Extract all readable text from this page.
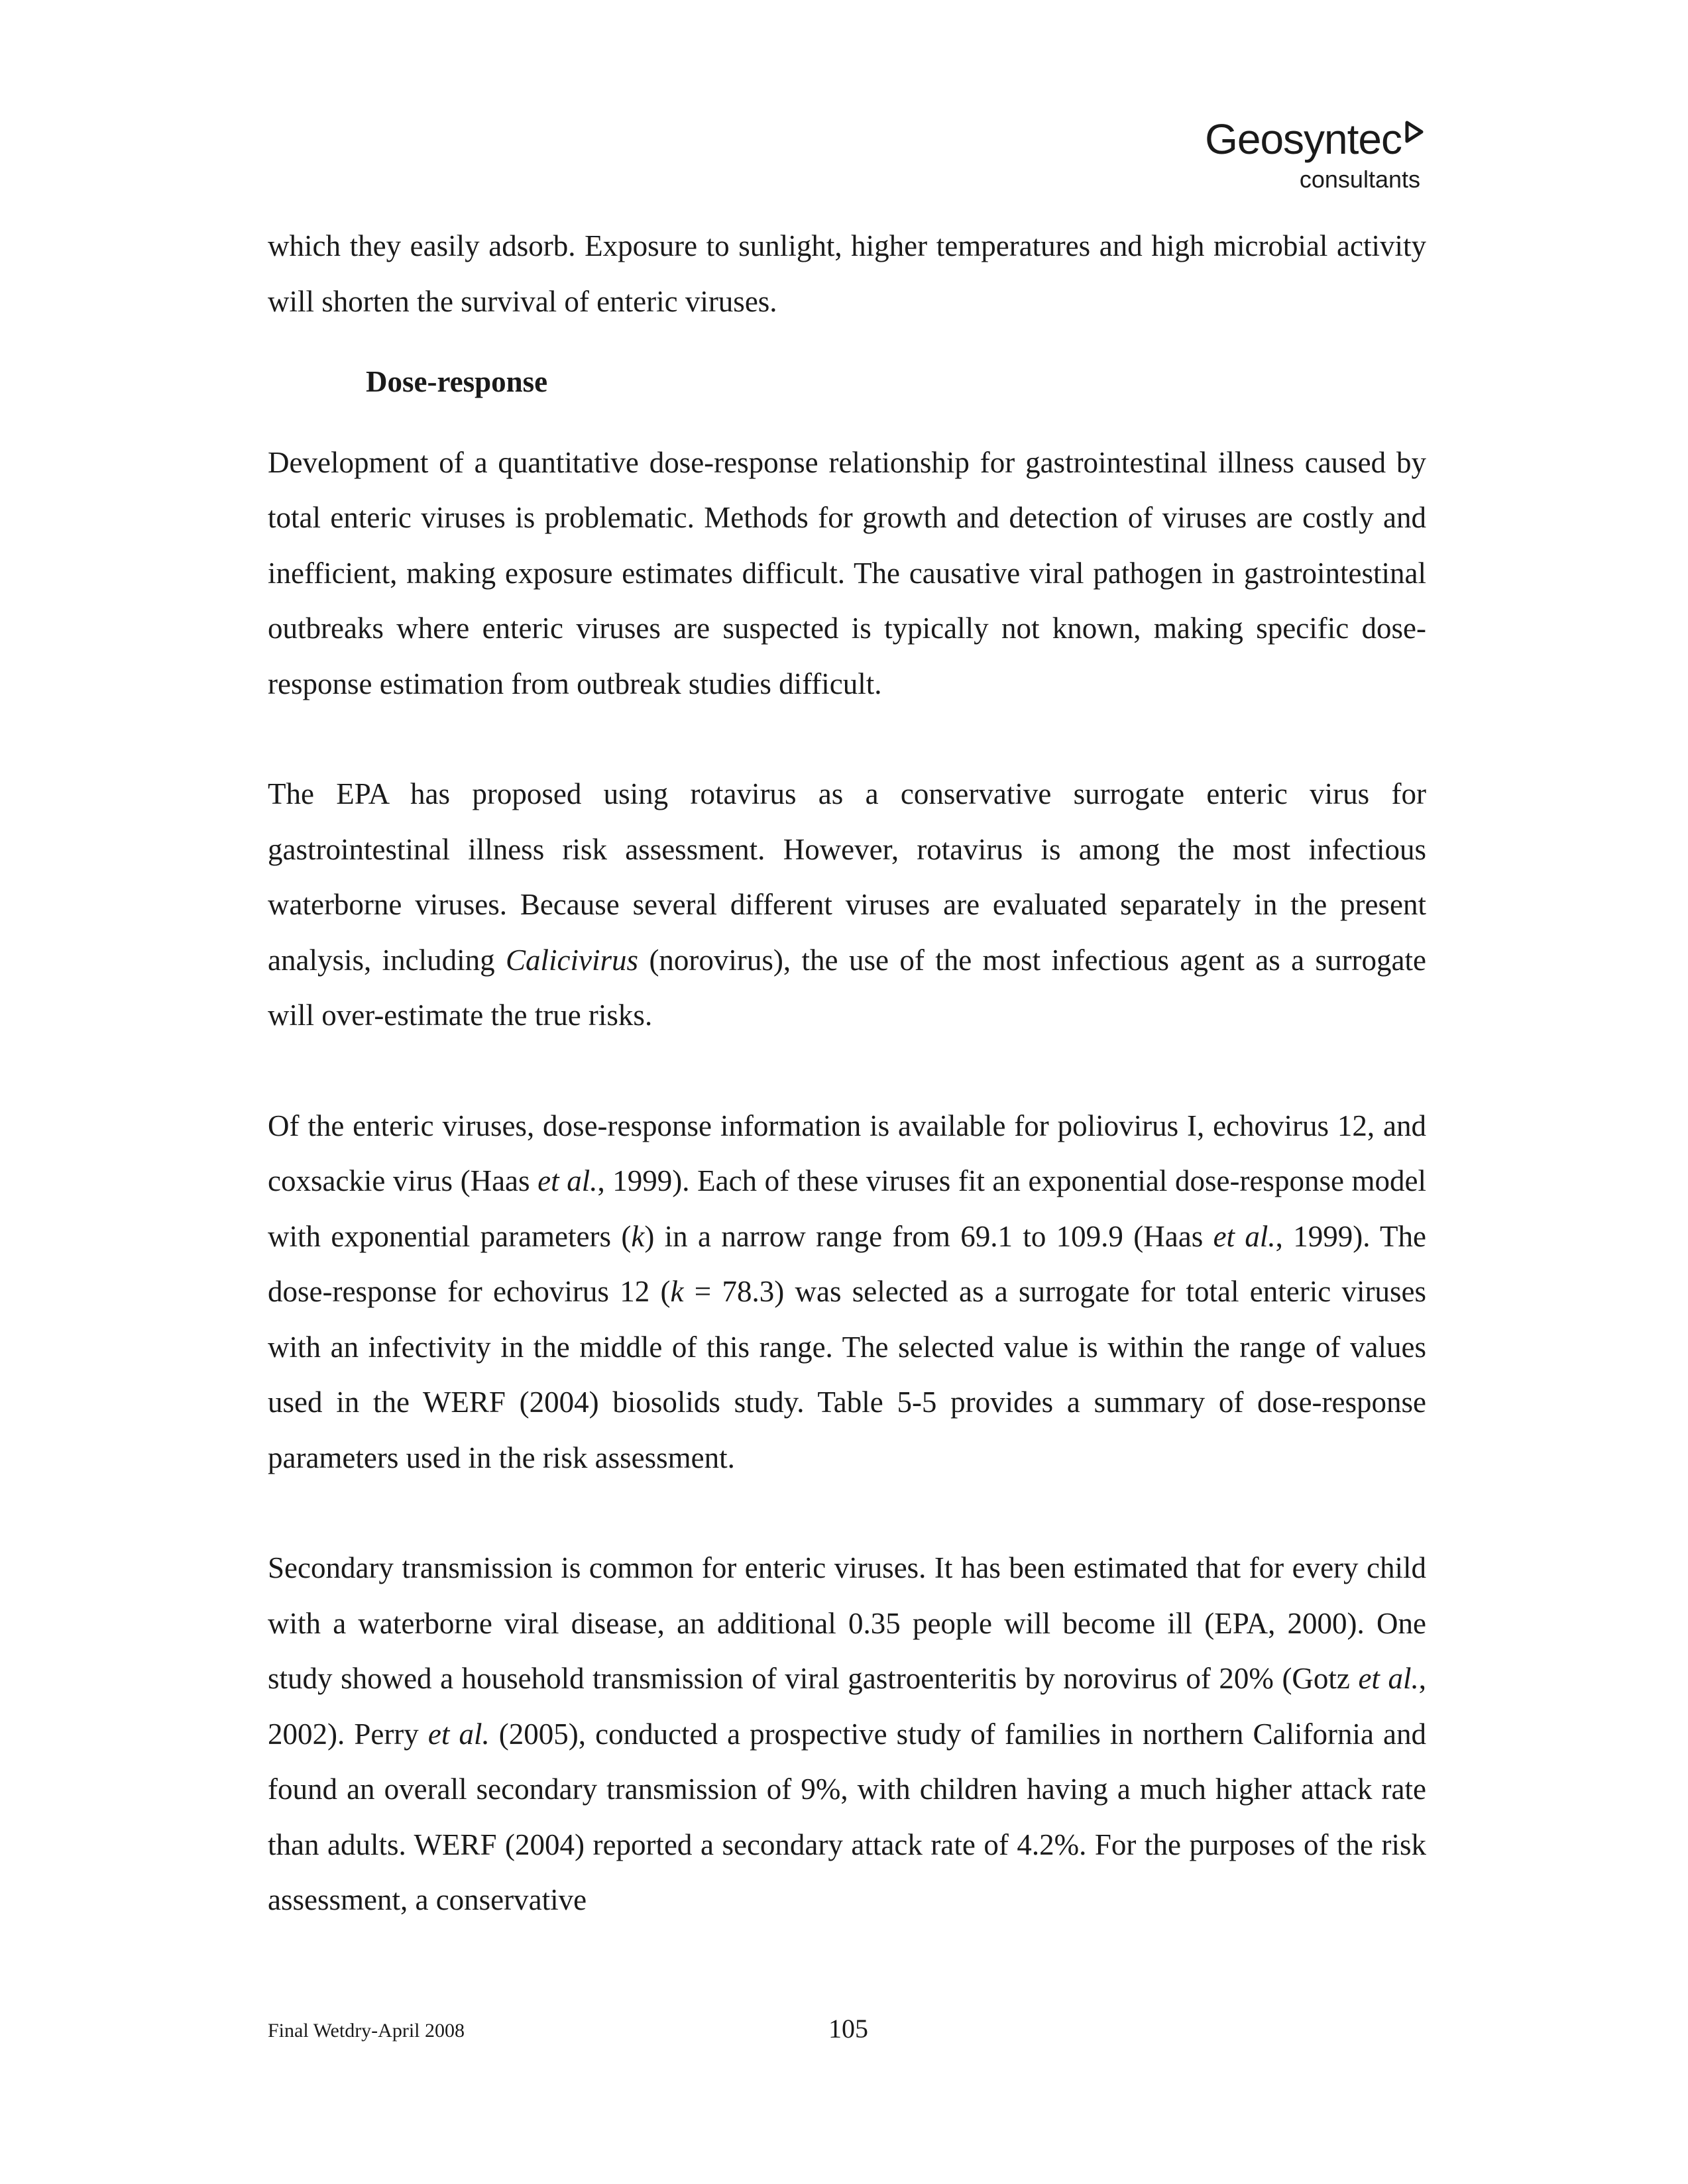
Geosyntec
consultants

which they easily adsorb. Exposure to sunlight, higher temperatures and high microbial activity will shorten the survival of enteric viruses.

Dose-response

Development of a quantitative dose-response relationship for gastrointestinal illness caused by total enteric viruses is problematic. Methods for growth and detection of viruses are costly and inefficient, making exposure estimates difficult. The causative viral pathogen in gastrointestinal outbreaks where enteric viruses are suspected is typically not known, making specific dose-response estimation from outbreak studies difficult.

The EPA has proposed using rotavirus as a conservative surrogate enteric virus for gastrointestinal illness risk assessment. However, rotavirus is among the most infectious waterborne viruses. Because several different viruses are evaluated separately in the present analysis, including Calicivirus (norovirus), the use of the most infectious agent as a surrogate will over-estimate the true risks.

Of the enteric viruses, dose-response information is available for poliovirus I, echovirus 12, and coxsackie virus (Haas et al., 1999). Each of these viruses fit an exponential dose-response model with exponential parameters (k) in a narrow range from 69.1 to 109.9 (Haas et al., 1999). The dose-response for echovirus 12 (k = 78.3) was selected as a surrogate for total enteric viruses with an infectivity in the middle of this range. The selected value is within the range of values used in the WERF (2004) biosolids study. Table 5-5 provides a summary of dose-response parameters used in the risk assessment.

Secondary transmission is common for enteric viruses. It has been estimated that for every child with a waterborne viral disease, an additional 0.35 people will become ill (EPA, 2000). One study showed a household transmission of viral gastroenteritis by norovirus of 20% (Gotz et al., 2002). Perry et al. (2005), conducted a prospective study of families in northern California and found an overall secondary transmission of 9%, with children having a much higher attack rate than adults. WERF (2004) reported a secondary attack rate of 4.2%. For the purposes of the risk assessment, a conservative

Final Wetdry-April 2008	105
